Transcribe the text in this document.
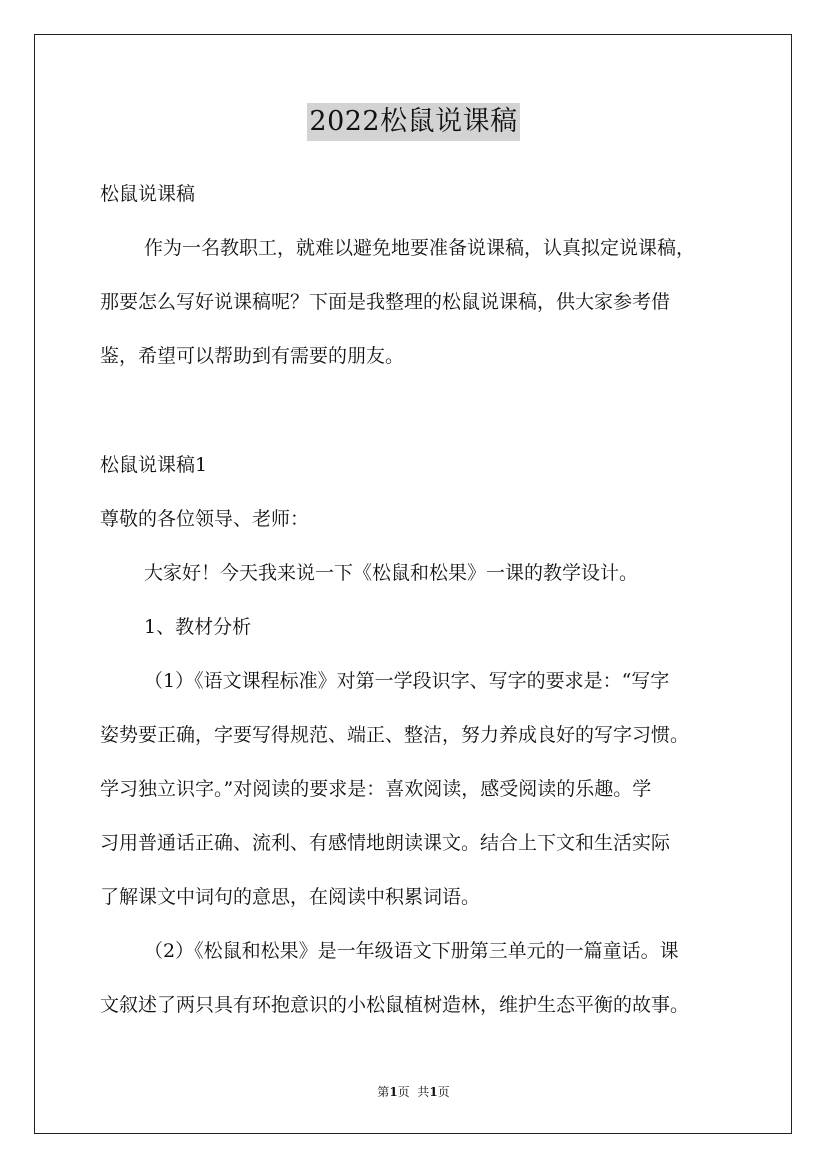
2022松鼠说课稿
松鼠说课稿
作为一名教职工，就难以避免地要准备说课稿，认真拟定说课稿，
那要怎么写好说课稿呢？下面是我整理的松鼠说课稿，供大家参考借
鉴，希望可以帮助到有需要的朋友。
松鼠说课稿1
尊敬的各位领导、老师：
大家好！今天我来说一下《松鼠和松果》一课的教学设计。
1、教材分析
（1）《语文课程标准》对第一学段识字、写字的要求是：“写字
姿势要正确，字要写得规范、端正、整洁，努力养成良好的写字习惯。
学习独立识字。”对阅读的要求是：喜欢阅读，感受阅读的乐趣。学
习用普通话正确、流利、有感情地朗读课文。结合上下文和生活实际
了解课文中词句的意思，在阅读中积累词语。
（2）《松鼠和松果》是一年级语文下册第三单元的一篇童话。课
文叙述了两只具有环抱意识的小松鼠植树造林，维护生态平衡的故事。
第1页  共1页
